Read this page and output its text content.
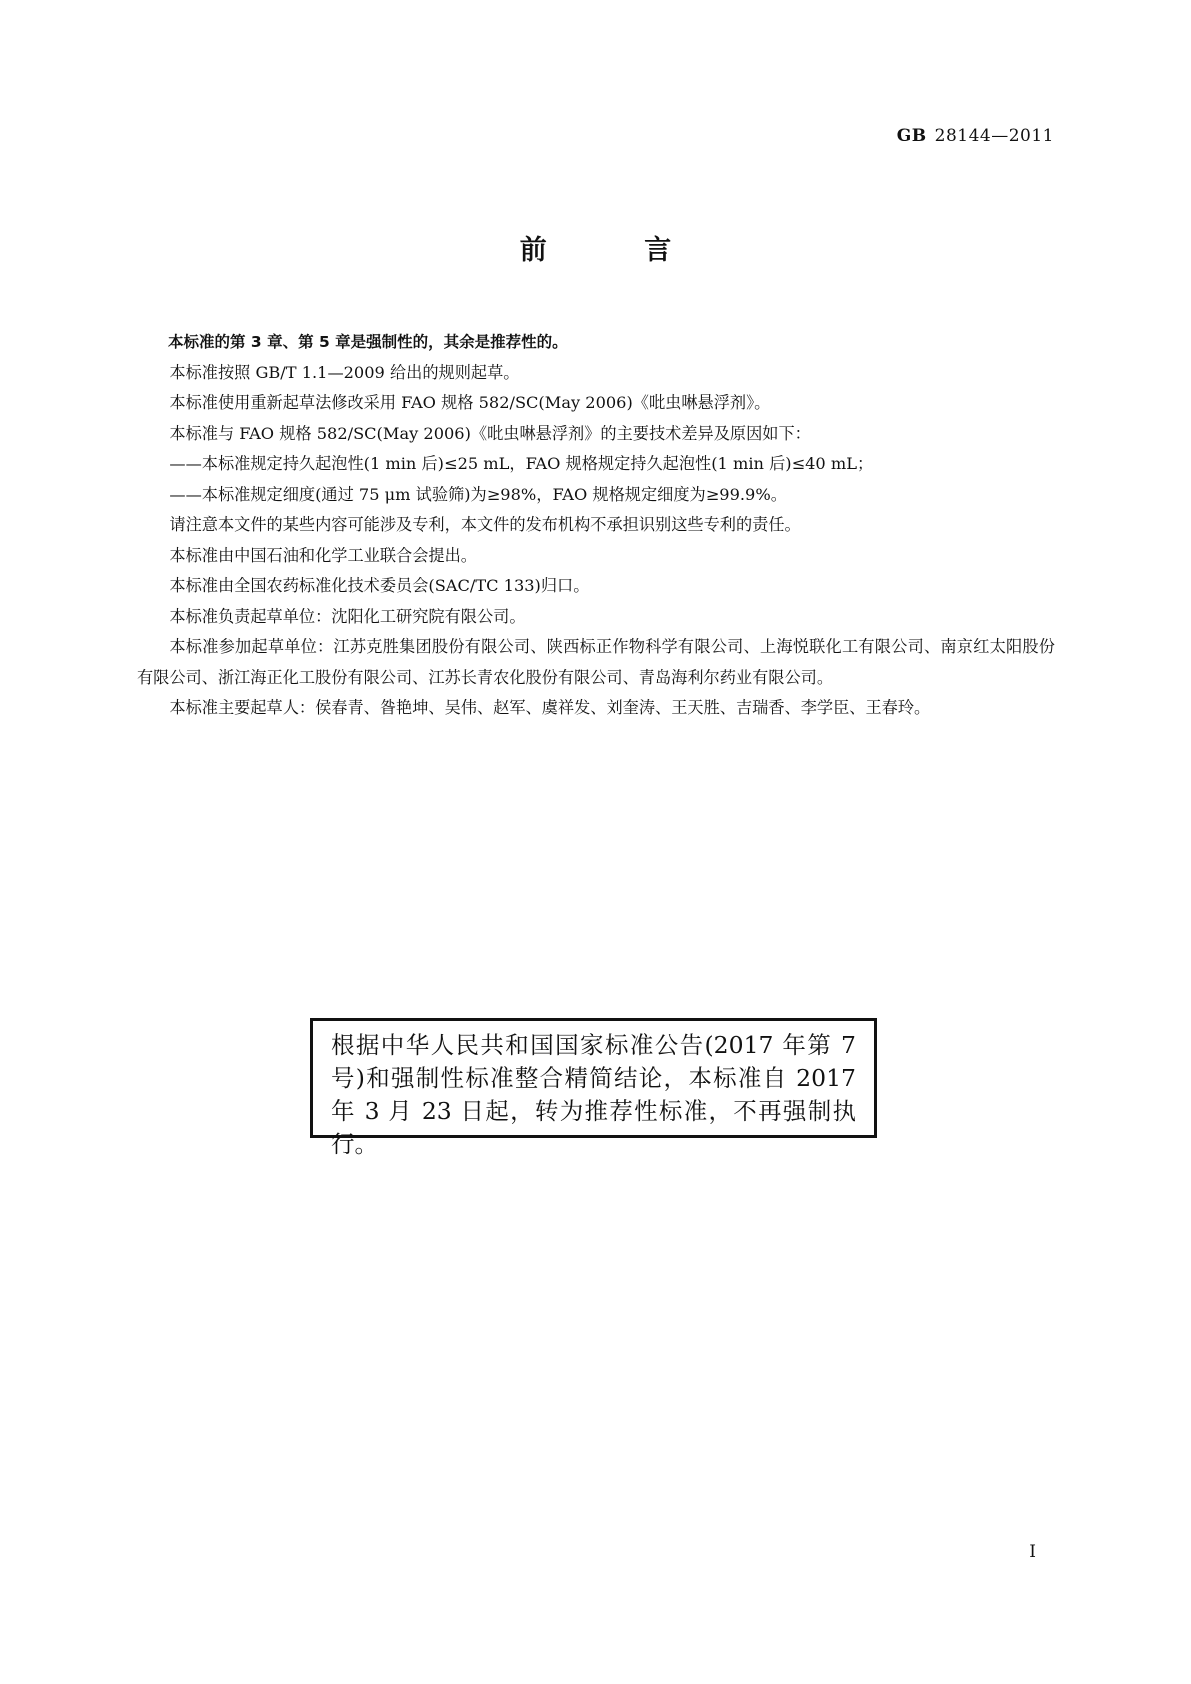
GB 28144—2011
前 言

本标准的第 3 章、第 5 章是强制性的，其余是推荐性的。

本标准按照 GB/T 1.1—2009 给出的规则起草。

本标准使用重新起草法修改采用 FAO 规格 582/SC(May 2006)《吡虫啉悬浮剂》。

本标准与 FAO 规格 582/SC(May 2006)《吡虫啉悬浮剂》的主要技术差异及原因如下：

——本标准规定持久起泡性(1 min 后)≤25 mL，FAO 规格规定持久起泡性(1 min 后)≤40 mL；

——本标准规定细度(通过 75 μm 试验筛)为≥98%，FAO 规格规定细度为≥99.9%。

请注意本文件的某些内容可能涉及专利，本文件的发布机构不承担识别这些专利的责任。

本标准由中国石油和化学工业联合会提出。

本标准由全国农药标准化技术委员会(SAC/TC 133)归口。

本标准负责起草单位：沈阳化工研究院有限公司。

本标准参加起草单位：江苏克胜集团股份有限公司、陕西标正作物科学有限公司、上海悦联化工有限公司、南京红太阳股份有限公司、浙江海正化工股份有限公司、江苏长青农化股份有限公司、青岛海利尔药业有限公司。

本标准主要起草人：侯春青、昝艳坤、吴伟、赵军、虞祥发、刘奎涛、王天胜、吉瑞香、李学臣、王春玲。

根据中华人民共和国国家标准公告(2017 年第 7 号)和强制性标准整合精简结论，本标准自 2017 年 3 月 23 日起，转为推荐性标准，不再强制执行。
I
